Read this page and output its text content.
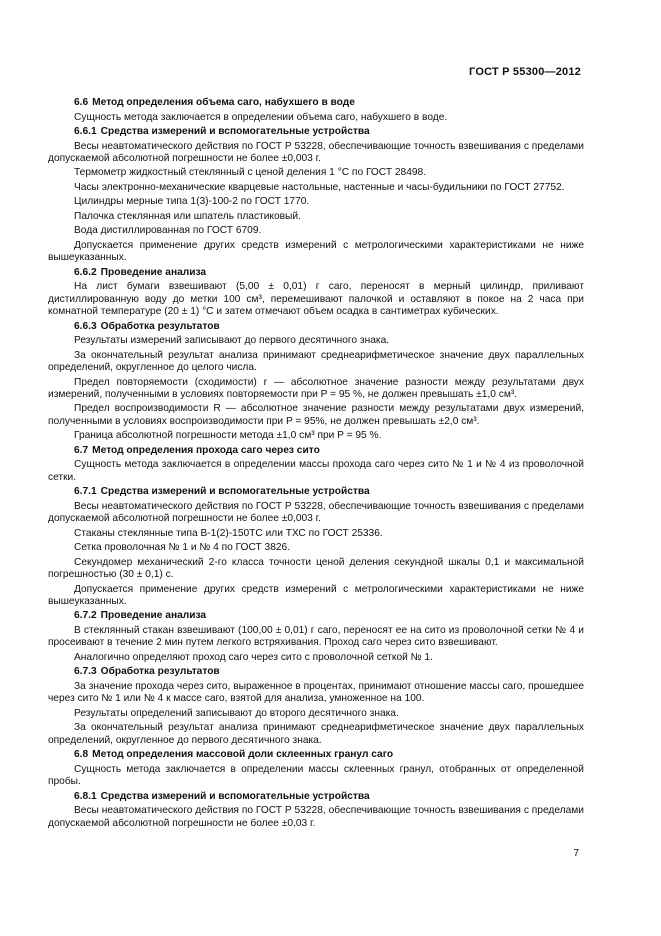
ГОСТ Р 55300—2012
6.6 Метод определения объема саго, набухшего в воде
Сущность метода заключается в определении объема саго, набухшего в воде.
6.6.1 Средства измерений и вспомогательные устройства
Весы неавтоматического действия по ГОСТ Р 53228, обеспечивающие точность взвешивания с пределами допускаемой абсолютной погрешности не более ±0,003 г.
Термометр жидкостный стеклянный с ценой деления 1 °С по ГОСТ 28498.
Часы электронно-механические кварцевые настольные, настенные и часы-будильники по ГОСТ 27752.
Цилиндры мерные типа 1(3)-100-2 по ГОСТ 1770.
Палочка стеклянная или шпатель пластиковый.
Вода дистиллированная по ГОСТ 6709.
Допускается применение других средств измерений с метрологическими характеристиками не ниже вышеуказанных.
6.6.2 Проведение анализа
На лист бумаги взвешивают (5,00 ± 0,01) г саго, переносят в мерный цилиндр, приливают дистиллированную воду до метки 100 см³, перемешивают палочкой и оставляют в покое на 2 часа при комнатной температуре (20 ± 1) °С и затем отмечают объем осадка в сантиметрах кубических.
6.6.3 Обработка результатов
Результаты измерений записывают до первого десятичного знака.
За окончательный результат анализа принимают среднеарифметическое значение двух параллельных определений, округленное до целого числа.
Предел повторяемости (сходимости) r — абсолютное значение разности между результатами двух измерений, полученными в условиях повторяемости при P = 95 %, не должен превышать ±1,0 см³.
Предел воспроизводимости R — абсолютное значение разности между результатами двух измерений, полученными в условиях воспроизводимости при P = 95%, не должен превышать ±2,0 см³.
Граница абсолютной погрешности метода ±1,0 см³ при P = 95 %.
6.7 Метод определения прохода саго через сито
Сущность метода заключается в определении массы прохода саго через сито № 1 и № 4 из проволочной сетки.
6.7.1 Средства измерений и вспомогательные устройства
Весы неавтоматического действия по ГОСТ Р 53228, обеспечивающие точность взвешивания с пределами допускаемой абсолютной погрешности не более ±0,003 г.
Стаканы стеклянные типа В-1(2)-150ТС или ТХС по ГОСТ 25336.
Сетка проволочная № 1 и № 4 по ГОСТ 3826.
Секундомер механический 2-го класса точности ценой деления секундной шкалы 0,1 и максимальной погрешностью (30 ± 0,1) с.
Допускается применение других средств измерений с метрологическими характеристиками не ниже вышеуказанных.
6.7.2 Проведение анализа
В стеклянный стакан взвешивают (100,00 ± 0,01) г саго, переносят ее на сито из проволочной сетки № 4 и просеивают в течение 2 мин путем легкого встряхивания. Проход саго через сито взвешивают.
Аналогично определяют проход саго через сито с проволочной сеткой № 1.
6.7.3 Обработка результатов
За значение прохода через сито, выраженное в процентах, принимают отношение массы саго, прошедшее через сито № 1 или № 4 к массе саго, взятой для анализа, умноженное на 100.
Результаты определений записывают до второго десятичного знака.
За окончательный результат анализа принимают среднеарифметическое значение двух параллельных определений, округленное до первого десятичного знака.
6.8 Метод определения массовой доли склеенных гранул саго
Сущность метода заключается в определении массы склеенных гранул, отобранных от определенной пробы.
6.8.1 Средства измерений и вспомогательные устройства
Весы неавтоматического действия по ГОСТ Р 53228, обеспечивающие точность взвешивания с пределами допускаемой абсолютной погрешности не более ±0,03 г.
7
